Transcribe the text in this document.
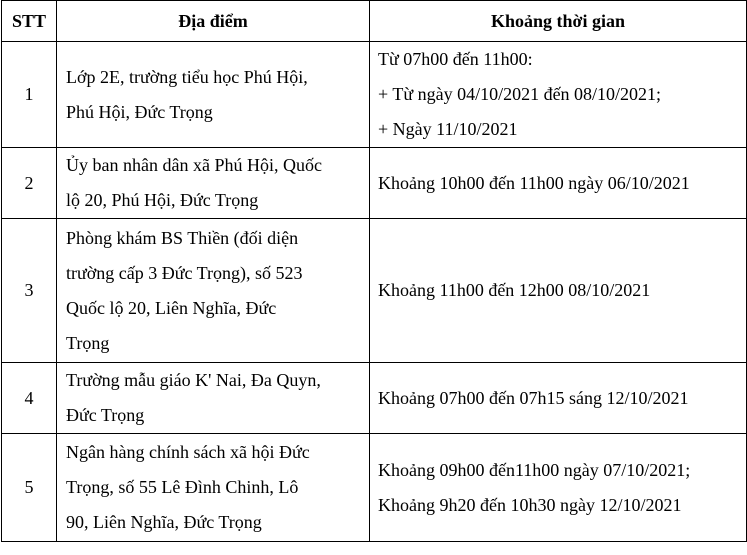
STT	Địa điểm	Khoảng thời gian
1	Lớp 2E, trường tiểu học Phú Hội,
Phú Hội, Đức Trọng	Từ 07h00 đến 11h00:
+ Từ ngày 04/10/2021 đến 08/10/2021;
+ Ngày 11/10/2021

2	Ủy ban nhân dân xã Phú Hội, Quốc
lộ 20, Phú Hội, Đức Trọng	Khoảng 10h00 đến 11h00 ngày 06/10/2021

3	Phòng khám BS Thiền (đối diện
trường cấp 3 Đức Trọng), số 523
Quốc lộ 20, Liên Nghĩa, Đức
Trọng	Khoảng 11h00 đến 12h00 08/10/2021

4	Trường mẫu giáo K' Nai, Đa Quyn,
Đức Trọng	Khoảng 07h00 đến 07h15 sáng 12/10/2021

5	Ngân hàng chính sách xã hội Đức
Trọng, số 55 Lê Đình Chinh, Lô
90, Liên Nghĩa, Đức Trọng	Khoảng 09h00 đến11h00 ngày 07/10/2021;
Khoảng 9h20 đến 10h30 ngày 12/10/2021
